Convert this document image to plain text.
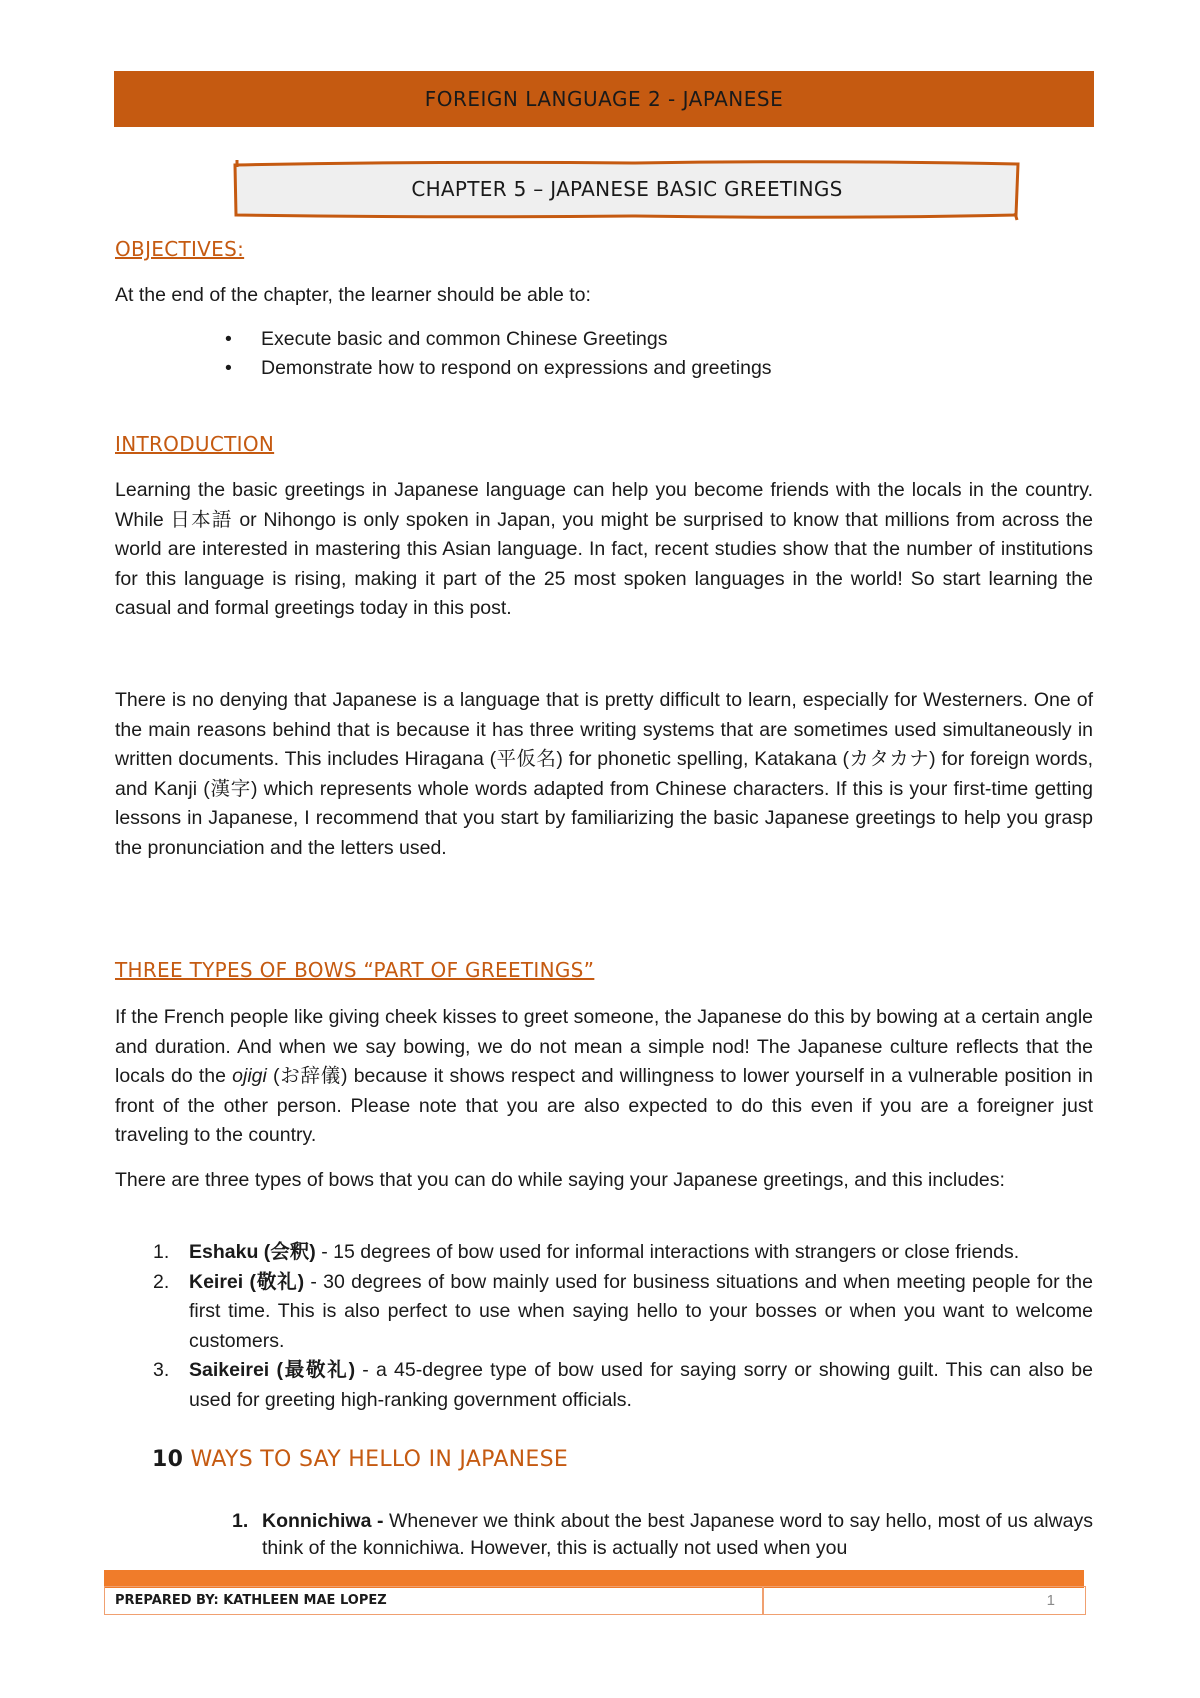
FOREIGN LANGUAGE 2 - JAPANESE
CHAPTER 5 – JAPANESE BASIC GREETINGS
OBJECTIVES:
At the end of the chapter, the learner should be able to:
• Execute basic and common Chinese Greetings
• Demonstrate how to respond on expressions and greetings
INTRODUCTION
Learning the basic greetings in Japanese language can help you become friends with the locals in the country. While 日本語 or Nihongo is only spoken in Japan, you might be surprised to know that millions from across the world are interested in mastering this Asian language. In fact, recent studies show that the number of institutions for this language is rising, making it part of the 25 most spoken languages in the world! So start learning the casual and formal greetings today in this post.
There is no denying that Japanese is a language that is pretty difficult to learn, especially for Westerners. One of the main reasons behind that is because it has three writing systems that are sometimes used simultaneously in written documents. This includes Hiragana (平仮名) for phonetic spelling, Katakana (カタカナ) for foreign words, and Kanji (漢字) which represents whole words adapted from Chinese characters. If this is your first-time getting lessons in Japanese, I recommend that you start by familiarizing the basic Japanese greetings to help you grasp the pronunciation and the letters used.
THREE TYPES OF BOWS “PART OF GREETINGS”
If the French people like giving cheek kisses to greet someone, the Japanese do this by bowing at a certain angle and duration. And when we say bowing, we do not mean a simple nod! The Japanese culture reflects that the locals do the ojigi (お辞儀) because it shows respect and willingness to lower yourself in a vulnerable position in front of the other person. Please note that you are also expected to do this even if you are a foreigner just traveling to the country.
There are three types of bows that you can do while saying your Japanese greetings, and this includes:
1. Eshaku (会釈) - 15 degrees of bow used for informal interactions with strangers or close friends.
2. Keirei (敬礼) - 30 degrees of bow mainly used for business situations and when meeting people for the first time. This is also perfect to use when saying hello to your bosses or when you want to welcome customers.
3. Saikeirei (最敬礼) - a 45-degree type of bow used for saying sorry or showing guilt. This can also be used for greeting high-ranking government officials.
10 WAYS TO SAY HELLO IN JAPANESE
1. Konnichiwa - Whenever we think about the best Japanese word to say hello, most of us always think of the konnichiwa. However, this is actually not used when you
PREPARED BY: KATHLEEN MAE LOPEZ	1
